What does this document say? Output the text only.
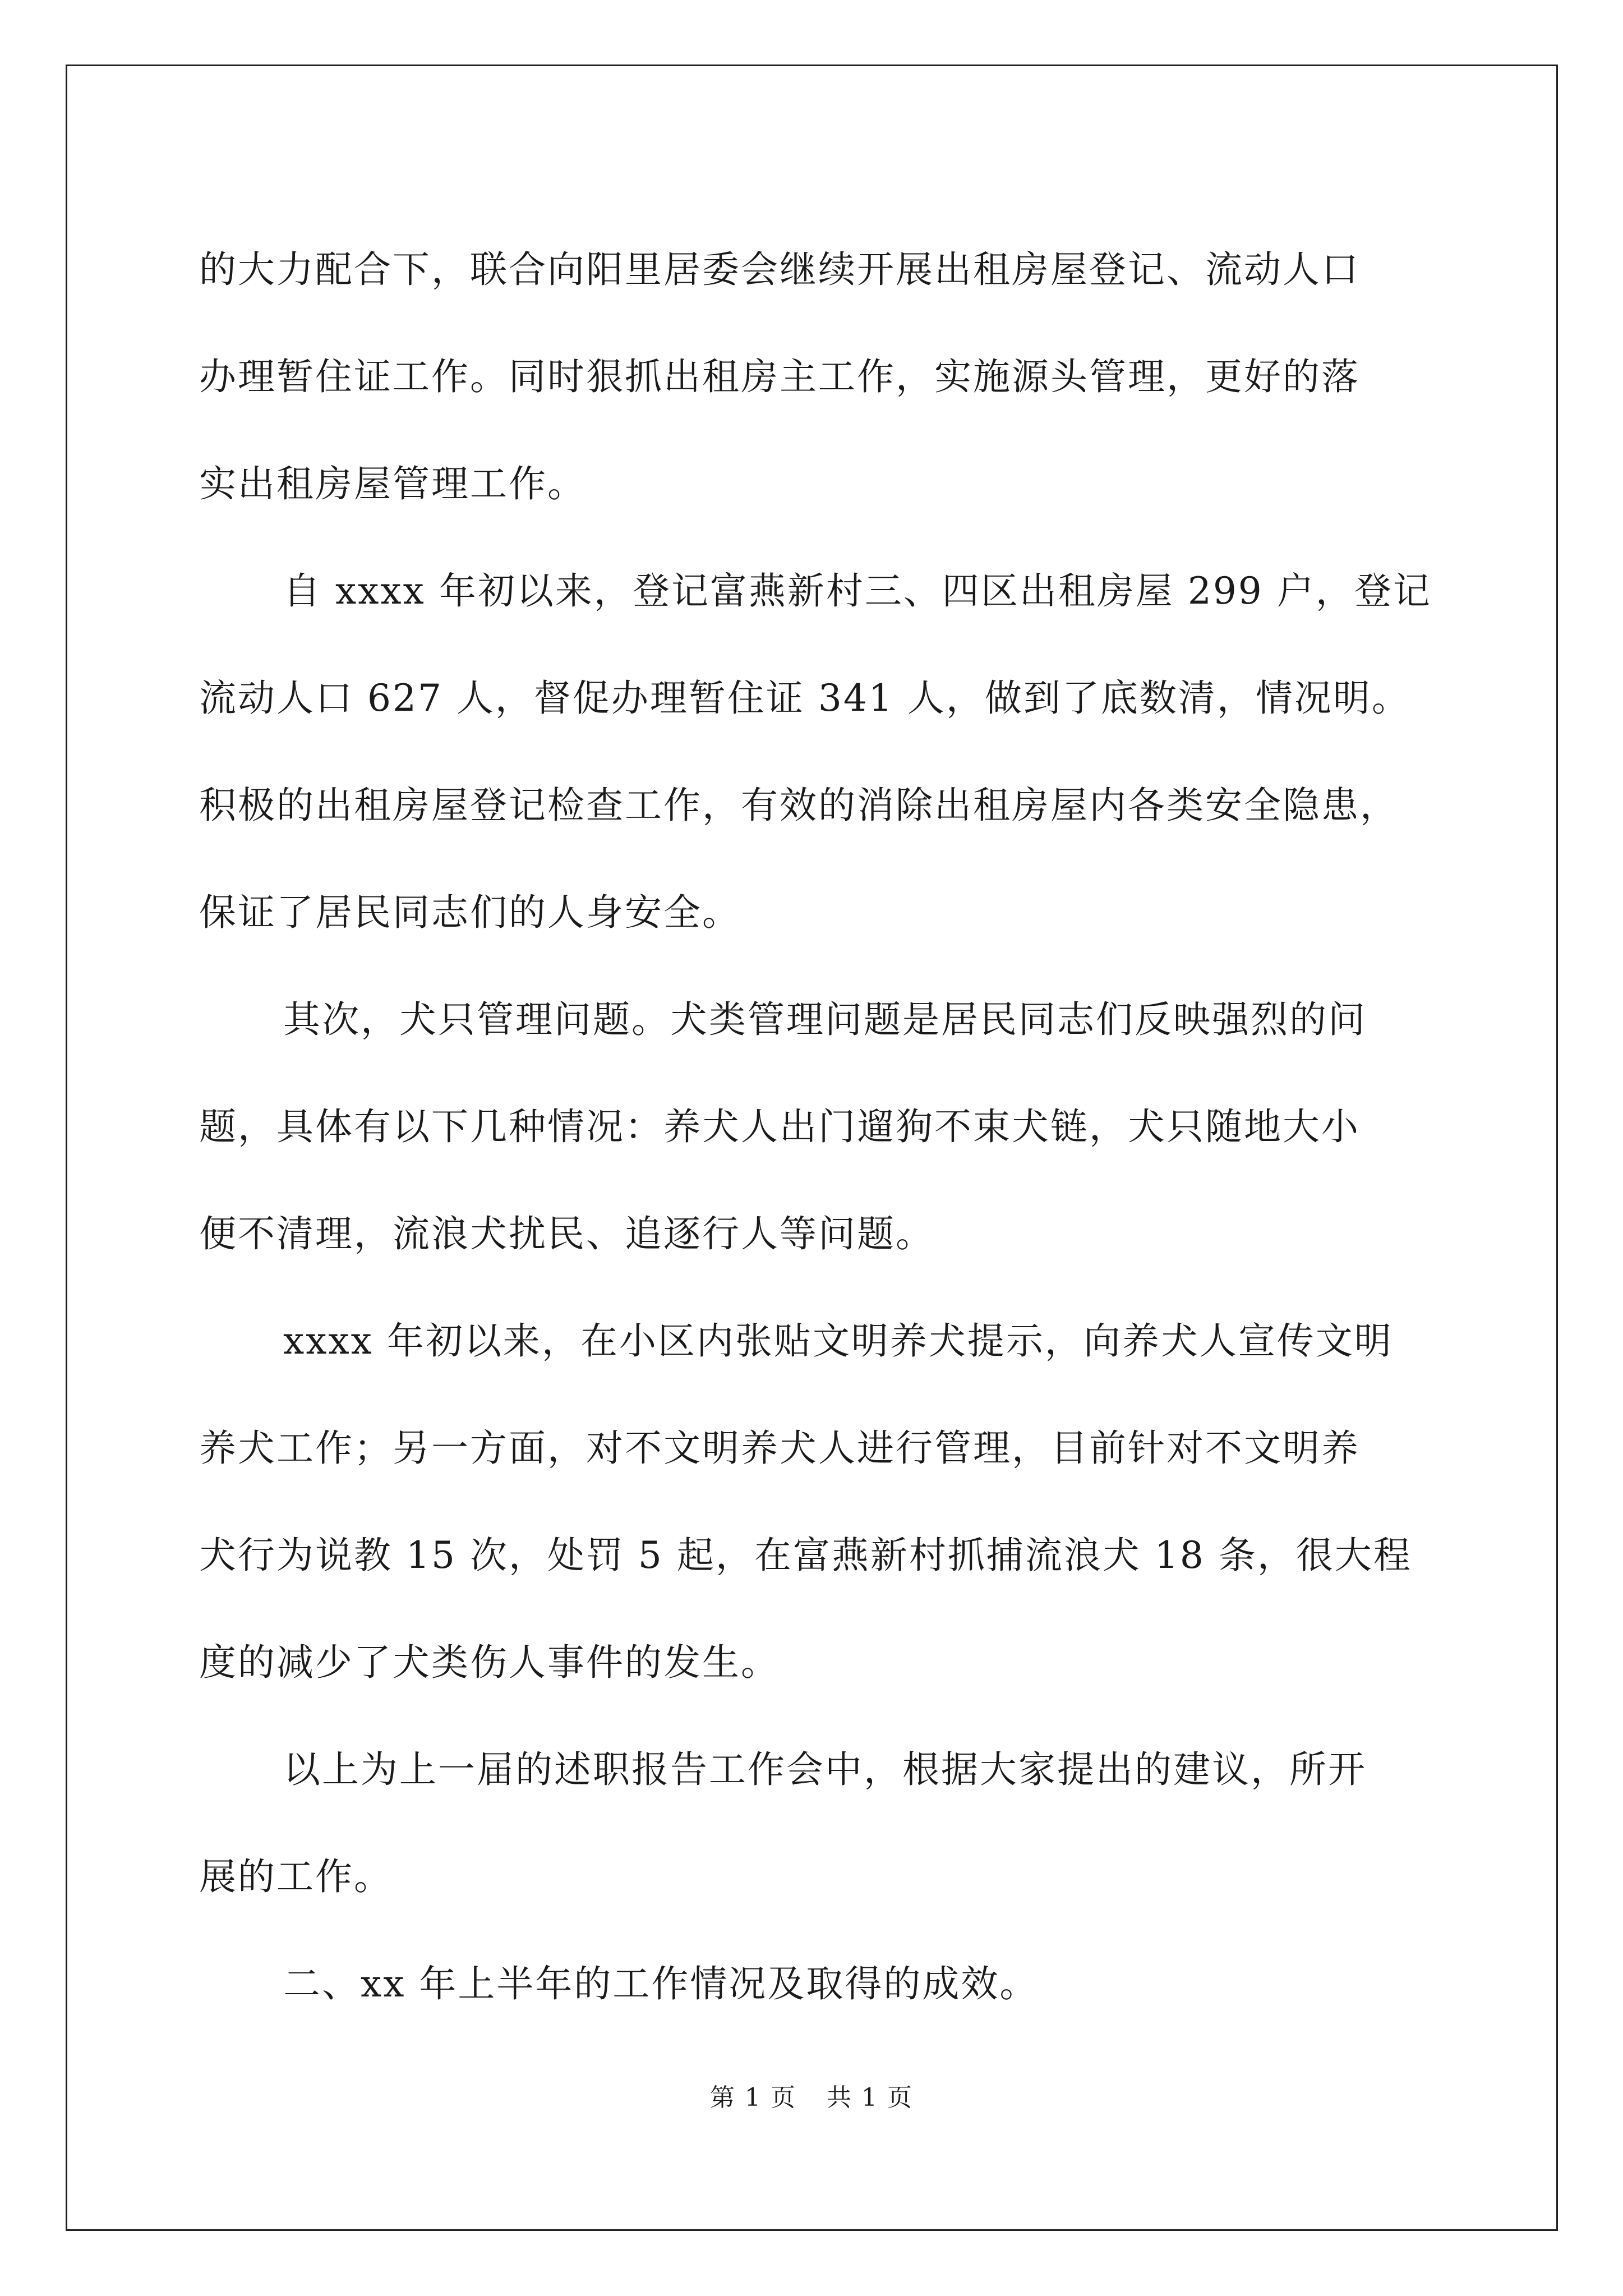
的大力配合下，联合向阳里居委会继续开展出租房屋登记、流动人口
办理暂住证工作。同时狠抓出租房主工作，实施源头管理，更好的落
实出租房屋管理工作。
自 xxxx 年初以来，登记富燕新村三、四区出租房屋 299 户，登记
流动人口 627 人，督促办理暂住证 341 人，做到了底数清，情况明。
积极的出租房屋登记检查工作，有效的消除出租房屋内各类安全隐患，
保证了居民同志们的人身安全。
其次，犬只管理问题。犬类管理问题是居民同志们反映强烈的问
题，具体有以下几种情况：养犬人出门遛狗不束犬链，犬只随地大小
便不清理，流浪犬扰民、追逐行人等问题。
xxxx 年初以来，在小区内张贴文明养犬提示，向养犬人宣传文明
养犬工作；另一方面，对不文明养犬人进行管理，目前针对不文明养
犬行为说教 15 次，处罚 5 起，在富燕新村抓捕流浪犬 18 条，很大程
度的减少了犬类伤人事件的发生。
以上为上一届的述职报告工作会中，根据大家提出的建议，所开
展的工作。
二、xx 年上半年的工作情况及取得的成效。
第 1 页 共 1 页
